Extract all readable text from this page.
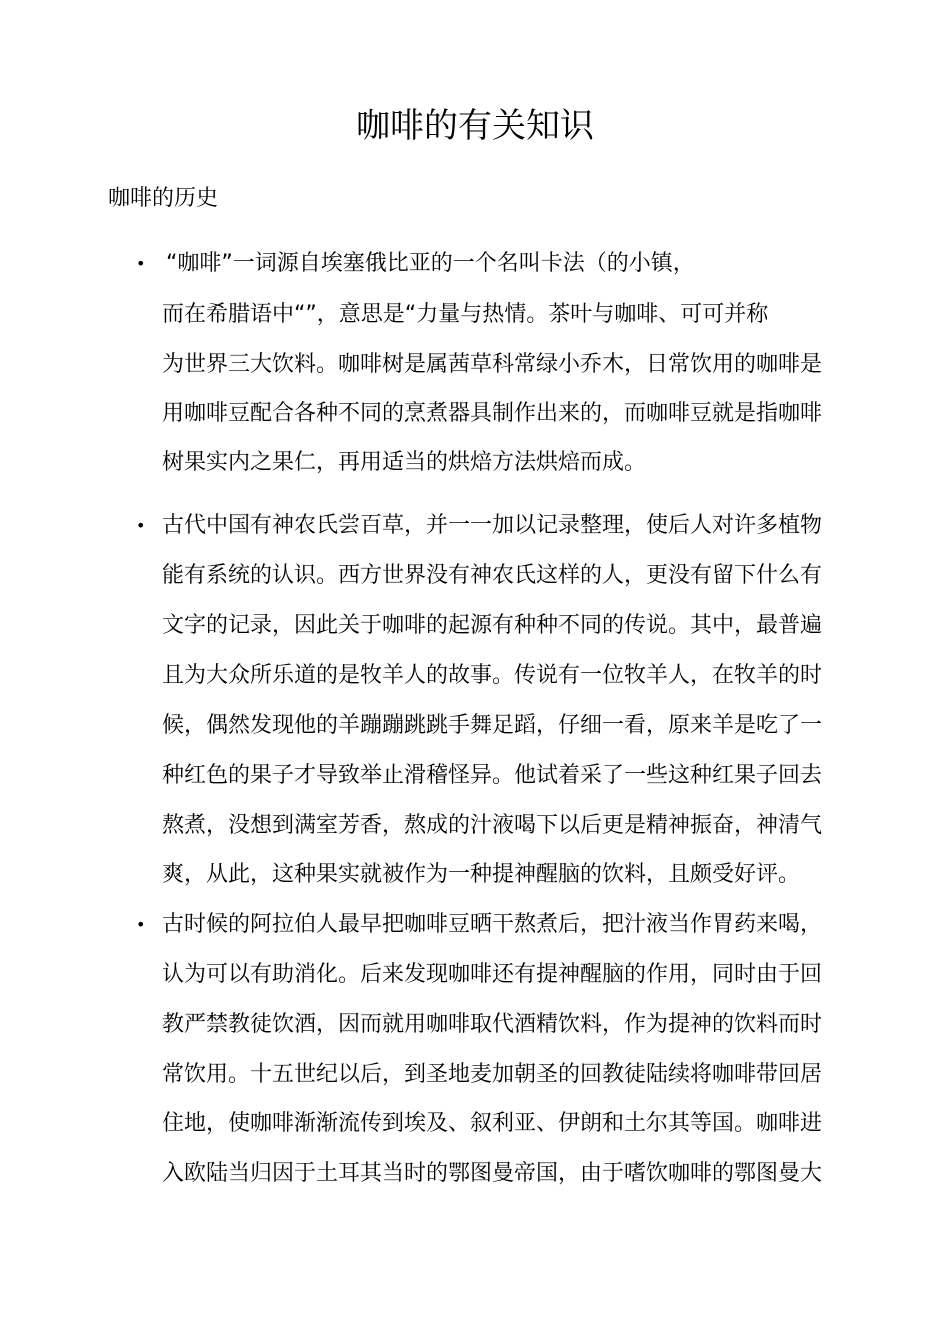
咖啡的有关知识
咖啡的历史
• “咖啡”一词源自埃塞俄比亚的一个名叫卡法（的小镇，
而在希腊语中“”，意思是“力量与热情。茶叶与咖啡、可可并称
为世界三大饮料。咖啡树是属茜草科常绿小乔木，日常饮用的咖啡是
用咖啡豆配合各种不同的烹煮器具制作出来的，而咖啡豆就是指咖啡
树果实内之果仁，再用适当的烘焙方法烘焙而成。
• 古代中国有神农氏尝百草，并一一加以记录整理，使后人对许多植物
能有系统的认识。西方世界没有神农氏这样的人，更没有留下什么有
文字的记录，因此关于咖啡的起源有种种不同的传说。其中，最普遍
且为大众所乐道的是牧羊人的故事。传说有一位牧羊人，在牧羊的时
候，偶然发现他的羊蹦蹦跳跳手舞足蹈，仔细一看，原来羊是吃了一
种红色的果子才导致举止滑稽怪异。他试着采了一些这种红果子回去
熬煮，没想到满室芳香，熬成的汁液喝下以后更是精神振奋，神清气
爽，从此，这种果实就被作为一种提神醒脑的饮料，且颇受好评。
• 古时候的阿拉伯人最早把咖啡豆晒干熬煮后，把汁液当作胃药来喝，
认为可以有助消化。后来发现咖啡还有提神醒脑的作用，同时由于回
教严禁教徒饮酒，因而就用咖啡取代酒精饮料，作为提神的饮料而时
常饮用。十五世纪以后，到圣地麦加朝圣的回教徒陆续将咖啡带回居
住地，使咖啡渐渐流传到埃及、叙利亚、伊朗和土尔其等国。咖啡进
入欧陆当归因于土耳其当时的鄂图曼帝国，由于嗜饮咖啡的鄂图曼大
